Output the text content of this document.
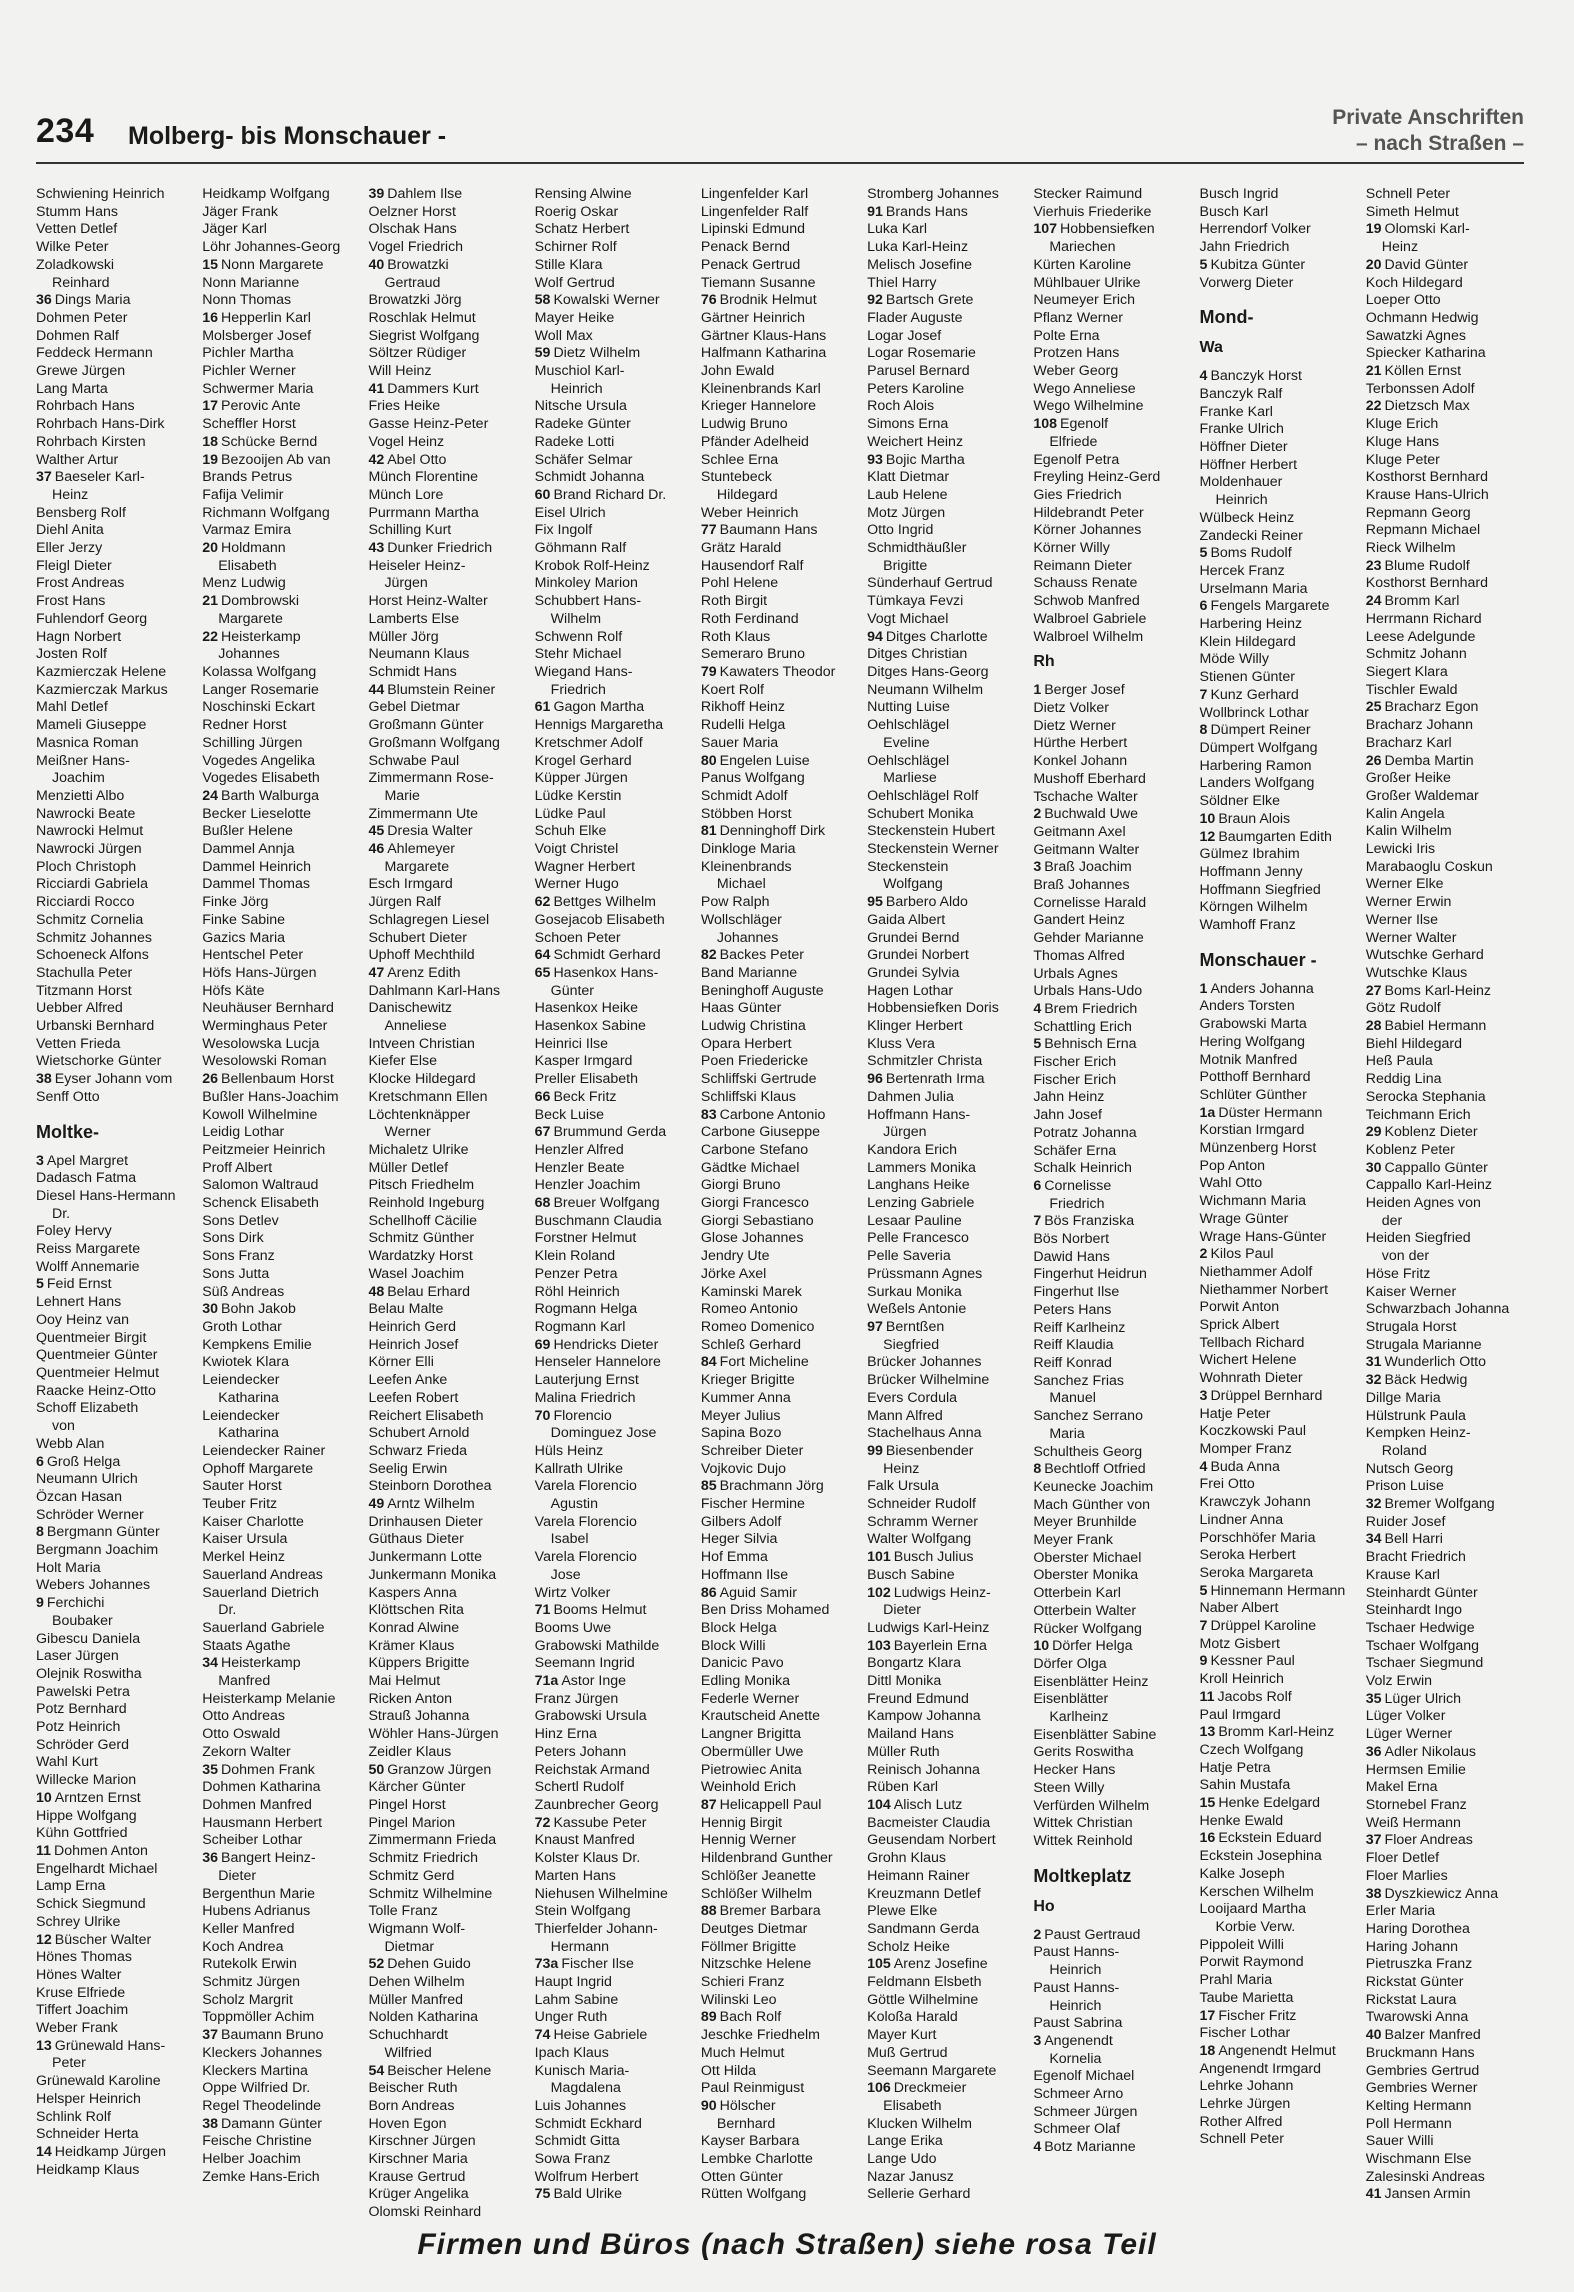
234 Molberg- bis Monschauer -
Private Anschriften
– nach Straßen –
Schwiening Heinrich
Stumm Hans
Vetten Detlef
Wilke Peter
Zoladkowski
Reinhard
36 Dings Maria
Dohmen Peter
Dohmen Ralf
Feddeck Hermann
Grewe Jürgen
Lang Marta
Rohrbach Hans
Rohrbach Hans-Dirk
Rohrbach Kirsten
Walther Artur
37 Baeseler Karl-
Heinz
Bensberg Rolf
Diehl Anita
Eller Jerzy
Fleigl Dieter
Frost Andreas
Frost Hans
Fuhlendorf Georg
Hagn Norbert
Josten Rolf
Kazmierczak Helene
Kazmierczak Markus
Mahl Detlef
Mameli Giuseppe
Masnica Roman
Meißner Hans-
Joachim
Menzietti Albo
Nawrocki Beate
Nawrocki Helmut
Nawrocki Jürgen
Ploch Christoph
Ricciardi Gabriela
Ricciardi Rocco
Schmitz Cornelia
Schmitz Johannes
Schoeneck Alfons
Stachulla Peter
Titzmann Horst
Uebber Alfred
Urbanski Bernhard
Vetten Frieda
Wietschorke Günter
38 Eyser Johann vom
Senff Otto
Moltke-
3 Apel Margret
Dadasch Fatma
Diesel Hans-Hermann
Dr.
Foley Hervy
Reiss Margarete
Wolff Annemarie
5 Feid Ernst
Lehnert Hans
Ooy Heinz van
Quentmeier Birgit
Quentmeier Günter
Quentmeier Helmut
Raacke Heinz-Otto
Schoff Elizabeth
von
Webb Alan
6 Groß Helga
Neumann Ulrich
Özcan Hasan
Schröder Werner
8 Bergmann Günter
Bergmann Joachim
Holt Maria
Webers Johannes
9 Ferchichi
Boubaker
Gibescu Daniela
Laser Jürgen
Olejnik Roswitha
Pawelski Petra
Potz Bernhard
Potz Heinrich
Schröder Gerd
Wahl Kurt
Willecke Marion
10 Arntzen Ernst
Hippe Wolfgang
Kühn Gottfried
11 Dohmen Anton
Engelhardt Michael
Lamp Erna
Schick Siegmund
Schrey Ulrike
12 Büscher Walter
Hönes Thomas
Hönes Walter
Kruse Elfriede
Tiffert Joachim
Weber Frank
13 Grünewald Hans-
Peter
Grünewald Karoline
Helsper Heinrich
Schlink Rolf
Schneider Herta
14 Heidkamp Jürgen
Heidkamp Klaus
Heidkamp Wolfgang
Jäger Frank
Jäger Karl
Löhr Johannes-Georg
15 Nonn Margarete
Nonn Marianne
Nonn Thomas
16 Hepperlin Karl
Molsberger Josef
Pichler Martha
Pichler Werner
Schwermer Maria
17 Perovic Ante
Scheffler Horst
18 Schücke Bernd
19 Bezooijen Ab van
Brands Petrus
Fafija Velimir
Richmann Wolfgang
Varmaz Emira
20 Holdmann
Elisabeth
Menz Ludwig
21 Dombrowski
Margarete
22 Heisterkamp
Johannes
Kolassa Wolfgang
Langer Rosemarie
Noschinski Eckart
Redner Horst
Schilling Jürgen
Vogedes Angelika
Vogedes Elisabeth
24 Barth Walburga
Becker Lieselotte
Bußler Helene
Dammel Annja
Dammel Heinrich
Dammel Thomas
Finke Jörg
Finke Sabine
Gazics Maria
Hentschel Peter
Höfs Hans-Jürgen
Höfs Käte
Neuhäuser Bernhard
Werminghaus Peter
Wesolowska Lucja
Wesolowski Roman
26 Bellenbaum Horst
Bußler Hans-Joachim
Kowoll Wilhelmine
Leidig Lothar
Peitzmeier Heinrich
Proff Albert
Salomon Waltraud
Schenck Elisabeth
Sons Detlev
Sons Dirk
Sons Franz
Sons Jutta
Süß Andreas
30 Bohn Jakob
Groth Lothar
Kempkens Emilie
Kwiotek Klara
Leiendecker
Katharina
Leiendecker
Katharina
Leiendecker Rainer
Ophoff Margarete
Sauter Horst
Teuber Fritz
Kaiser Charlotte
Kaiser Ursula
Merkel Heinz
Sauerland Andreas
Sauerland Dietrich
Dr.
Sauerland Gabriele
Staats Agathe
34 Heisterkamp
Manfred
Heisterkamp Melanie
Otto Andreas
Otto Oswald
Zekorn Walter
35 Dohmen Frank
Dohmen Katharina
Dohmen Manfred
Hausmann Herbert
Scheiber Lothar
36 Bangert Heinz-
Dieter
Bergenthun Marie
Hubens Adrianus
Keller Manfred
Koch Andrea
Rutekolk Erwin
Schmitz Jürgen
Scholz Margrit
Toppmöller Achim
37 Baumann Bruno
Kleckers Johannes
Kleckers Martina
Oppe Wilfried Dr.
Regel Theodelinde
38 Damann Günter
Feische Christine
Helber Joachim
Zemke Hans-Erich
39 Dahlem Ilse
Oelzner Horst
Olschak Hans
Vogel Friedrich
40 Browatzki
Gertraud
Browatzki Jörg
Roschlak Helmut
Siegrist Wolfgang
Söltzer Rüdiger
Will Heinz
41 Dammers Kurt
Fries Heike
Gasse Heinz-Peter
Vogel Heinz
42 Abel Otto
Münch Florentine
Münch Lore
Purrmann Martha
Schilling Kurt
43 Dunker Friedrich
Heiseler Heinz-
Jürgen
Horst Heinz-Walter
Lamberts Else
Müller Jörg
Neumann Klaus
Schmidt Hans
44 Blumstein Reiner
Gebel Dietmar
Großmann Günter
Großmann Wolfgang
Schwabe Paul
Zimmermann Rose-
Marie
Zimmermann Ute
45 Dresia Walter
46 Ahlemeyer
Margarete
Esch Irmgard
Jürgen Ralf
Schlagregen Liesel
Schubert Dieter
Uphoff Mechthild
47 Arenz Edith
Dahlmann Karl-Hans
Danischewitz
Anneliese
Intveen Christian
Kiefer Else
Klocke Hildegard
Kretschmann Ellen
Löchtenknäpper
Werner
Michaletz Ulrike
Müller Detlef
Pitsch Friedhelm
Reinhold Ingeburg
Schellhoff Cäcilie
Schmitz Günther
Wardatzky Horst
Wasel Joachim
48 Belau Erhard
Belau Malte
Heinrich Gerd
Heinrich Josef
Körner Elli
Leefen Anke
Leefen Robert
Reichert Elisabeth
Schubert Arnold
Schwarz Frieda
Seelig Erwin
Steinborn Dorothea
49 Arntz Wilhelm
Drinhausen Dieter
Güthaus Dieter
Junkermann Lotte
Junkermann Monika
Kaspers Anna
Klöttschen Rita
Konrad Alwine
Krämer Klaus
Küppers Brigitte
Mai Helmut
Ricken Anton
Strauß Johanna
Wöhler Hans-Jürgen
Zeidler Klaus
50 Granzow Jürgen
Kärcher Günter
Pingel Horst
Pingel Marion
Zimmermann Frieda
Schmitz Friedrich
Schmitz Gerd
Schmitz Wilhelmine
Tolle Franz
Wigmann Wolf-
Dietmar
52 Dehen Guido
Dehen Wilhelm
Müller Manfred
Nolden Katharina
Schuchhardt
Wilfried
54 Beischer Helene
Beischer Ruth
Born Andreas
Hoven Egon
Kirschner Jürgen
Kirschner Maria
Krause Gertrud
Krüger Angelika
Olomski Reinhard
Rensing Alwine
Roerig Oskar
Schatz Herbert
Schirner Rolf
Stille Klara
Wolf Gertrud
58 Kowalski Werner
Mayer Heike
Woll Max
59 Dietz Wilhelm
Muschiol Karl-
Heinrich
Nitsche Ursula
Radeke Günter
Radeke Lotti
Schäfer Selmar
Schmidt Johanna
60 Brand Richard Dr.
Eisel Ulrich
Fix Ingolf
Göhmann Ralf
Krobok Rolf-Heinz
Minkoley Marion
Schubbert Hans-
Wilhelm
Schwenn Rolf
Stehr Michael
Wiegand Hans-
Friedrich
61 Gagon Martha
Hennigs Margaretha
Kretschmer Adolf
Krogel Gerhard
Küpper Jürgen
Lüdke Kerstin
Lüdke Paul
Schuh Elke
Voigt Christel
Wagner Herbert
Werner Hugo
62 Bettges Wilhelm
Gosejacob Elisabeth
Schoen Peter
64 Schmidt Gerhard
65 Hasenkox Hans-
Günter
Hasenkox Heike
Hasenkox Sabine
Heinrici Ilse
Kasper Irmgard
Preller Elisabeth
66 Beck Fritz
Beck Luise
67 Brummund Gerda
Henzler Alfred
Henzler Beate
Henzler Joachim
68 Breuer Wolfgang
Buschmann Claudia
Forstner Helmut
Klein Roland
Penzer Petra
Röhl Heinrich
Rogmann Helga
Rogmann Karl
69 Hendricks Dieter
Henseler Hannelore
Lauterjung Ernst
Malina Friedrich
70 Florencio
Dominguez Jose
Hüls Heinz
Kallrath Ulrike
Varela Florencio
Agustin
Varela Florencio
Isabel
Varela Florencio
Jose
Wirtz Volker
71 Booms Helmut
Booms Uwe
Grabowski Mathilde
Seemann Ingrid
71a Astor Inge
Franz Jürgen
Grabowski Ursula
Hinz Erna
Peters Johann
Reichstak Armand
Schertl Rudolf
Zaunbrecher Georg
72 Kassube Peter
Knaust Manfred
Kolster Klaus Dr.
Marten Hans
Niehusen Wilhelmine
Stein Wolfgang
Thierfelder Johann-
Hermann
73a Fischer Ilse
Haupt Ingrid
Lahm Sabine
Unger Ruth
74 Heise Gabriele
Ipach Klaus
Kunisch Maria-
Magdalena
Luis Johannes
Schmidt Eckhard
Schmidt Gitta
Sowa Franz
Wolfrum Herbert
75 Bald Ulrike
Lingenfelder Karl
Lingenfelder Ralf
Lipinski Edmund
Penack Bernd
Penack Gertrud
Tiemann Susanne
76 Brodnik Helmut
Gärtner Heinrich
Gärtner Klaus-Hans
Halfmann Katharina
John Ewald
Kleinenbrands Karl
Krieger Hannelore
Ludwig Bruno
Pfänder Adelheid
Schlee Erna
Stuntebeck
Hildegard
Weber Heinrich
77 Baumann Hans
Grätz Harald
Hausendorf Ralf
Pohl Helene
Roth Birgit
Roth Ferdinand
Roth Klaus
Semeraro Bruno
79 Kawaters Theodor
Koert Rolf
Rikhoff Heinz
Rudelli Helga
Sauer Maria
80 Engelen Luise
Panus Wolfgang
Schmidt Adolf
Stöbben Horst
81 Denninghoff Dirk
Dinkloge Maria
Kleinenbrands
Michael
Pow Ralph
Wollschläger
Johannes
82 Backes Peter
Band Marianne
Beninghoff Auguste
Haas Günter
Ludwig Christina
Opara Herbert
Poen Friedericke
Schliffski Gertrude
Schliffski Klaus
83 Carbone Antonio
Carbone Giuseppe
Carbone Stefano
Gädtke Michael
Giorgi Bruno
Giorgi Francesco
Giorgi Sebastiano
Glose Johannes
Jendry Ute
Jörke Axel
Kaminski Marek
Romeo Antonio
Romeo Domenico
Schleß Gerhard
84 Fort Micheline
Krieger Brigitte
Kummer Anna
Meyer Julius
Sapina Bozo
Schreiber Dieter
Vojkovic Dujo
85 Brachmann Jörg
Fischer Hermine
Gilbers Adolf
Heger Silvia
Hof Emma
Hoffmann Ilse
86 Aguid Samir
Ben Driss Mohamed
Block Helga
Block Willi
Danicic Pavo
Edling Monika
Federle Werner
Krautscheid Anette
Langner Brigitta
Obermüller Uwe
Pietrowiec Anita
Weinhold Erich
87 Helicappell Paul
Hennig Birgit
Hennig Werner
Hildenbrand Gunther
Schlößer Jeanette
Schlößer Wilhelm
88 Bremer Barbara
Deutges Dietmar
Föllmer Brigitte
Nitzschke Helene
Schieri Franz
Wilinski Leo
89 Bach Rolf
Jeschke Friedhelm
Much Helmut
Ott Hilda
Paul Reinmigust
90 Hölscher
Bernhard
Kayser Barbara
Lembke Charlotte
Otten Günter
Rütten Wolfgang
Stromberg Johannes
91 Brands Hans
Luka Karl
Luka Karl-Heinz
Melisch Josefine
Thiel Harry
92 Bartsch Grete
Flader Auguste
Logar Josef
Logar Rosemarie
Parusel Bernard
Peters Karoline
Roch Alois
Simons Erna
Weichert Heinz
93 Bojic Martha
Klatt Dietmar
Laub Helene
Motz Jürgen
Otto Ingrid
Schmidthäußler
Brigitte
Sünderhauf Gertrud
Tümkaya Fevzi
Vogt Michael
94 Ditges Charlotte
Ditges Christian
Ditges Hans-Georg
Neumann Wilhelm
Nutting Luise
Oehlschlägel
Eveline
Oehlschlägel
Marliese
Oehlschlägel Rolf
Schubert Monika
Steckenstein Hubert
Steckenstein Werner
Steckenstein
Wolfgang
95 Barbero Aldo
Gaida Albert
Grundei Bernd
Grundei Norbert
Grundei Sylvia
Hagen Lothar
Hobbensiefken Doris
Klinger Herbert
Kluss Vera
Schmitzler Christa
96 Bertenrath Irma
Dahmen Julia
Hoffmann Hans-
Jürgen
Kandora Erich
Lammers Monika
Langhans Heike
Lenzing Gabriele
Lesaar Pauline
Pelle Francesco
Pelle Saveria
Prüssmann Agnes
Surkau Monika
Weßels Antonie
97 Berntßen
Siegfried
Brücker Johannes
Brücker Wilhelmine
Evers Cordula
Mann Alfred
Stachelhaus Anna
99 Biesenbender
Heinz
Falk Ursula
Schneider Rudolf
Schramm Werner
Walter Wolfgang
101 Busch Julius
Busch Sabine
102 Ludwigs Heinz-
Dieter
Ludwigs Karl-Heinz
103 Bayerlein Erna
Bongartz Klara
Dittl Monika
Freund Edmund
Kampow Johanna
Mailand Hans
Müller Ruth
Reinisch Johanna
Rüben Karl
104 Alisch Lutz
Bacmeister Claudia
Geusendam Norbert
Grohn Klaus
Heimann Rainer
Kreuzmann Detlef
Plewe Elke
Sandmann Gerda
Scholz Heike
105 Arenz Josefine
Feldmann Elsbeth
Göttle Wilhelmine
Koloßa Harald
Mayer Kurt
Muß Gertrud
Seemann Margarete
106 Dreckmeier
Elisabeth
Klucken Wilhelm
Lange Erika
Lange Udo
Nazar Janusz
Sellerie Gerhard
Stecker Raimund
Vierhuis Friederike
107 Hobbensiefken
Mariechen
Kürten Karoline
Mühlbauer Ulrike
Neumeyer Erich
Pflanz Werner
Polte Erna
Protzen Hans
Weber Georg
Wego Anneliese
Wego Wilhelmine
108 Egenolf
Elfriede
Egenolf Petra
Freyling Heinz-Gerd
Gies Friedrich
Hildebrandt Peter
Körner Johannes
Körner Willy
Reimann Dieter
Schauss Renate
Schwob Manfred
Walbroel Gabriele
Walbroel Wilhelm
Rh
1 Berger Josef
Dietz Volker
Dietz Werner
Hürthe Herbert
Konkel Johann
Mushoff Eberhard
Tschache Walter
2 Buchwald Uwe
Geitmann Axel
Geitmann Walter
3 Braß Joachim
Braß Johannes
Cornelisse Harald
Gandert Heinz
Gehder Marianne
Thomas Alfred
Urbals Agnes
Urbals Hans-Udo
4 Brem Friedrich
Schattling Erich
5 Behnisch Erna
Fischer Erich
Fischer Erich
Jahn Heinz
Jahn Josef
Potratz Johanna
Schäfer Erna
Schalk Heinrich
6 Cornelisse
Friedrich
7 Bös Franziska
Bös Norbert
Dawid Hans
Fingerhut Heidrun
Fingerhut Ilse
Peters Hans
Reiff Karlheinz
Reiff Klaudia
Reiff Konrad
Sanchez Frias
Manuel
Sanchez Serrano
Maria
Schultheis Georg
8 Bechtloff Otfried
Keunecke Joachim
Mach Günther von
Meyer Brunhilde
Meyer Frank
Oberster Michael
Oberster Monika
Otterbein Karl
Otterbein Walter
Rücker Wolfgang
10 Dörfer Helga
Dörfer Olga
Eisenblätter Heinz
Eisenblätter
Karlheinz
Eisenblätter Sabine
Gerits Roswitha
Hecker Hans
Steen Willy
Verfürden Wilhelm
Wittek Christian
Wittek Reinhold
Moltkeplatz
Ho
2 Paust Gertraud
Paust Hanns-
Heinrich
Paust Hanns-
Heinrich
Paust Sabrina
3 Angenendt
Kornelia
Egenolf Michael
Schmeer Arno
Schmeer Jürgen
Schmeer Olaf
4 Botz Marianne
Busch Ingrid
Busch Karl
Herrendorf Volker
Jahn Friedrich
5 Kubitza Günter
Vorwerg Dieter
Mond-
Wa
4 Banczyk Horst
Banczyk Ralf
Franke Karl
Franke Ulrich
Höffner Dieter
Höffner Herbert
Moldenhauer
Heinrich
Wülbeck Heinz
Zandecki Reiner
5 Boms Rudolf
Hercek Franz
Urselmann Maria
6 Fengels Margarete
Harbering Heinz
Klein Hildegard
Möde Willy
Stienen Günter
7 Kunz Gerhard
Wollbrinck Lothar
8 Dümpert Reiner
Dümpert Wolfgang
Harbering Ramon
Landers Wolfgang
Söldner Elke
10 Braun Alois
12 Baumgarten Edith
Gülmez Ibrahim
Hoffmann Jenny
Hoffmann Siegfried
Körngen Wilhelm
Wamhoff Franz
Monschauer -
1 Anders Johanna
Anders Torsten
Grabowski Marta
Hering Wolfgang
Motnik Manfred
Potthoff Bernhard
Schlüter Günther
1a Düster Hermann
Korstian Irmgard
Münzenberg Horst
Pop Anton
Wahl Otto
Wichmann Maria
Wrage Günter
Wrage Hans-Günter
2 Kilos Paul
Niethammer Adolf
Niethammer Norbert
Porwit Anton
Sprick Albert
Tellbach Richard
Wichert Helene
Wohnrath Dieter
3 Drüppel Bernhard
Hatje Peter
Koczkowski Paul
Momper Franz
4 Buda Anna
Frei Otto
Krawczyk Johann
Lindner Anna
Porschhöfer Maria
Seroka Herbert
Seroka Margareta
5 Hinnemann Hermann
Naber Albert
7 Drüppel Karoline
Motz Gisbert
9 Kessner Paul
Kroll Heinrich
11 Jacobs Rolf
Paul Irmgard
13 Bromm Karl-Heinz
Czech Wolfgang
Hatje Petra
Sahin Mustafa
15 Henke Edelgard
Henke Ewald
16 Eckstein Eduard
Eckstein Josephina
Kalke Joseph
Kerschen Wilhelm
Looijaard Martha
Korbie Verw.
Pippoleit Willi
Porwit Raymond
Prahl Maria
Taube Marietta
17 Fischer Fritz
Fischer Lothar
18 Angenendt Helmut
Angenendt Irmgard
Lehrke Johann
Lehrke Jürgen
Rother Alfred
Schnell Peter
Schnell Peter
Simeth Helmut
19 Olomski Karl-
Heinz
20 David Günter
Koch Hildegard
Loeper Otto
Ochmann Hedwig
Sawatzki Agnes
Spiecker Katharina
21 Köllen Ernst
Terbonssen Adolf
22 Dietzsch Max
Kluge Erich
Kluge Hans
Kluge Peter
Kosthorst Bernhard
Krause Hans-Ulrich
Repmann Georg
Repmann Michael
Rieck Wilhelm
23 Blume Rudolf
Kosthorst Bernhard
24 Bromm Karl
Herrmann Richard
Leese Adelgunde
Schmitz Johann
Siegert Klara
Tischler Ewald
25 Bracharz Egon
Bracharz Johann
Bracharz Karl
26 Demba Martin
Großer Heike
Großer Waldemar
Kalin Angela
Kalin Wilhelm
Lewicki Iris
Marabaoglu Coskun
Werner Elke
Werner Erwin
Werner Ilse
Werner Walter
Wutschke Gerhard
Wutschke Klaus
27 Boms Karl-Heinz
Götz Rudolf
28 Babiel Hermann
Biehl Hildegard
Heß Paula
Reddig Lina
Serocka Stephania
Teichmann Erich
29 Koblenz Dieter
Koblenz Peter
30 Cappallo Günter
Cappallo Karl-Heinz
Heiden Agnes von
der
Heiden Siegfried
von der
Höse Fritz
Kaiser Werner
Schwarzbach Johanna
Strugala Horst
Strugala Marianne
31 Wunderlich Otto
32 Bäck Hedwig
Dillge Maria
Hülstrunk Paula
Kempken Heinz-
Roland
Nutsch Georg
Prison Luise
32 Bremer Wolfgang
Ruider Josef
34 Bell Harri
Bracht Friedrich
Krause Karl
Steinhardt Günter
Steinhardt Ingo
Tschaer Hedwige
Tschaer Wolfgang
Tschaer Siegmund
Volz Erwin
35 Lüger Ulrich
Lüger Volker
Lüger Werner
36 Adler Nikolaus
Hermsen Emilie
Makel Erna
Stornebel Franz
Weiß Hermann
37 Floer Andreas
Floer Detlef
Floer Marlies
38 Dyszkiewicz Anna
Erler Maria
Haring Dorothea
Haring Johann
Pietruszka Franz
Rickstat Günter
Rickstat Laura
Twarowski Anna
40 Balzer Manfred
Bruckmann Hans
Gembries Gertrud
Gembries Werner
Kelting Hermann
Poll Hermann
Sauer Willi
Wischmann Else
Zalesinski Andreas
41 Jansen Armin
Firmen und Büros (nach Straßen) siehe rosa Teil
